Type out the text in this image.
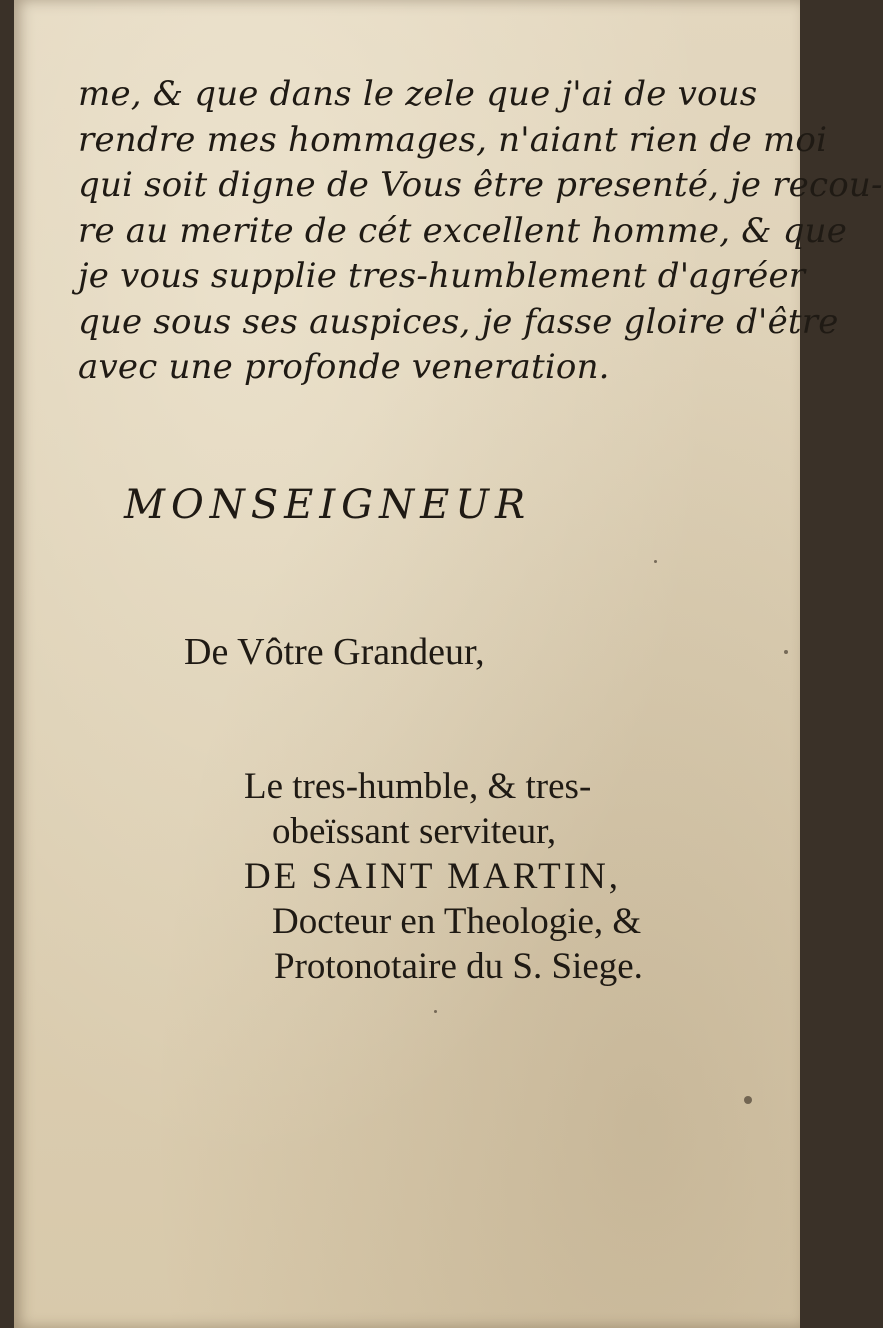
me, & que dans le zele que j'ai de vous
rendre mes hommages, n'aiant rien de moi
qui soit digne de Vous être presenté, je recou-
re au merite de cét excellent homme, & que
je vous supplie tres-humblement d'agréer
que sous ses auspices, je fasse gloire d'être
avec une profonde veneration.
MONSEIGNEUR
De Vôtre Grandeur,
Le tres-humble, & tres-
obeïssant serviteur,
DE SAINT MARTIN,
Docteur en Theologie, &
Protonotaire du S. Siege.
